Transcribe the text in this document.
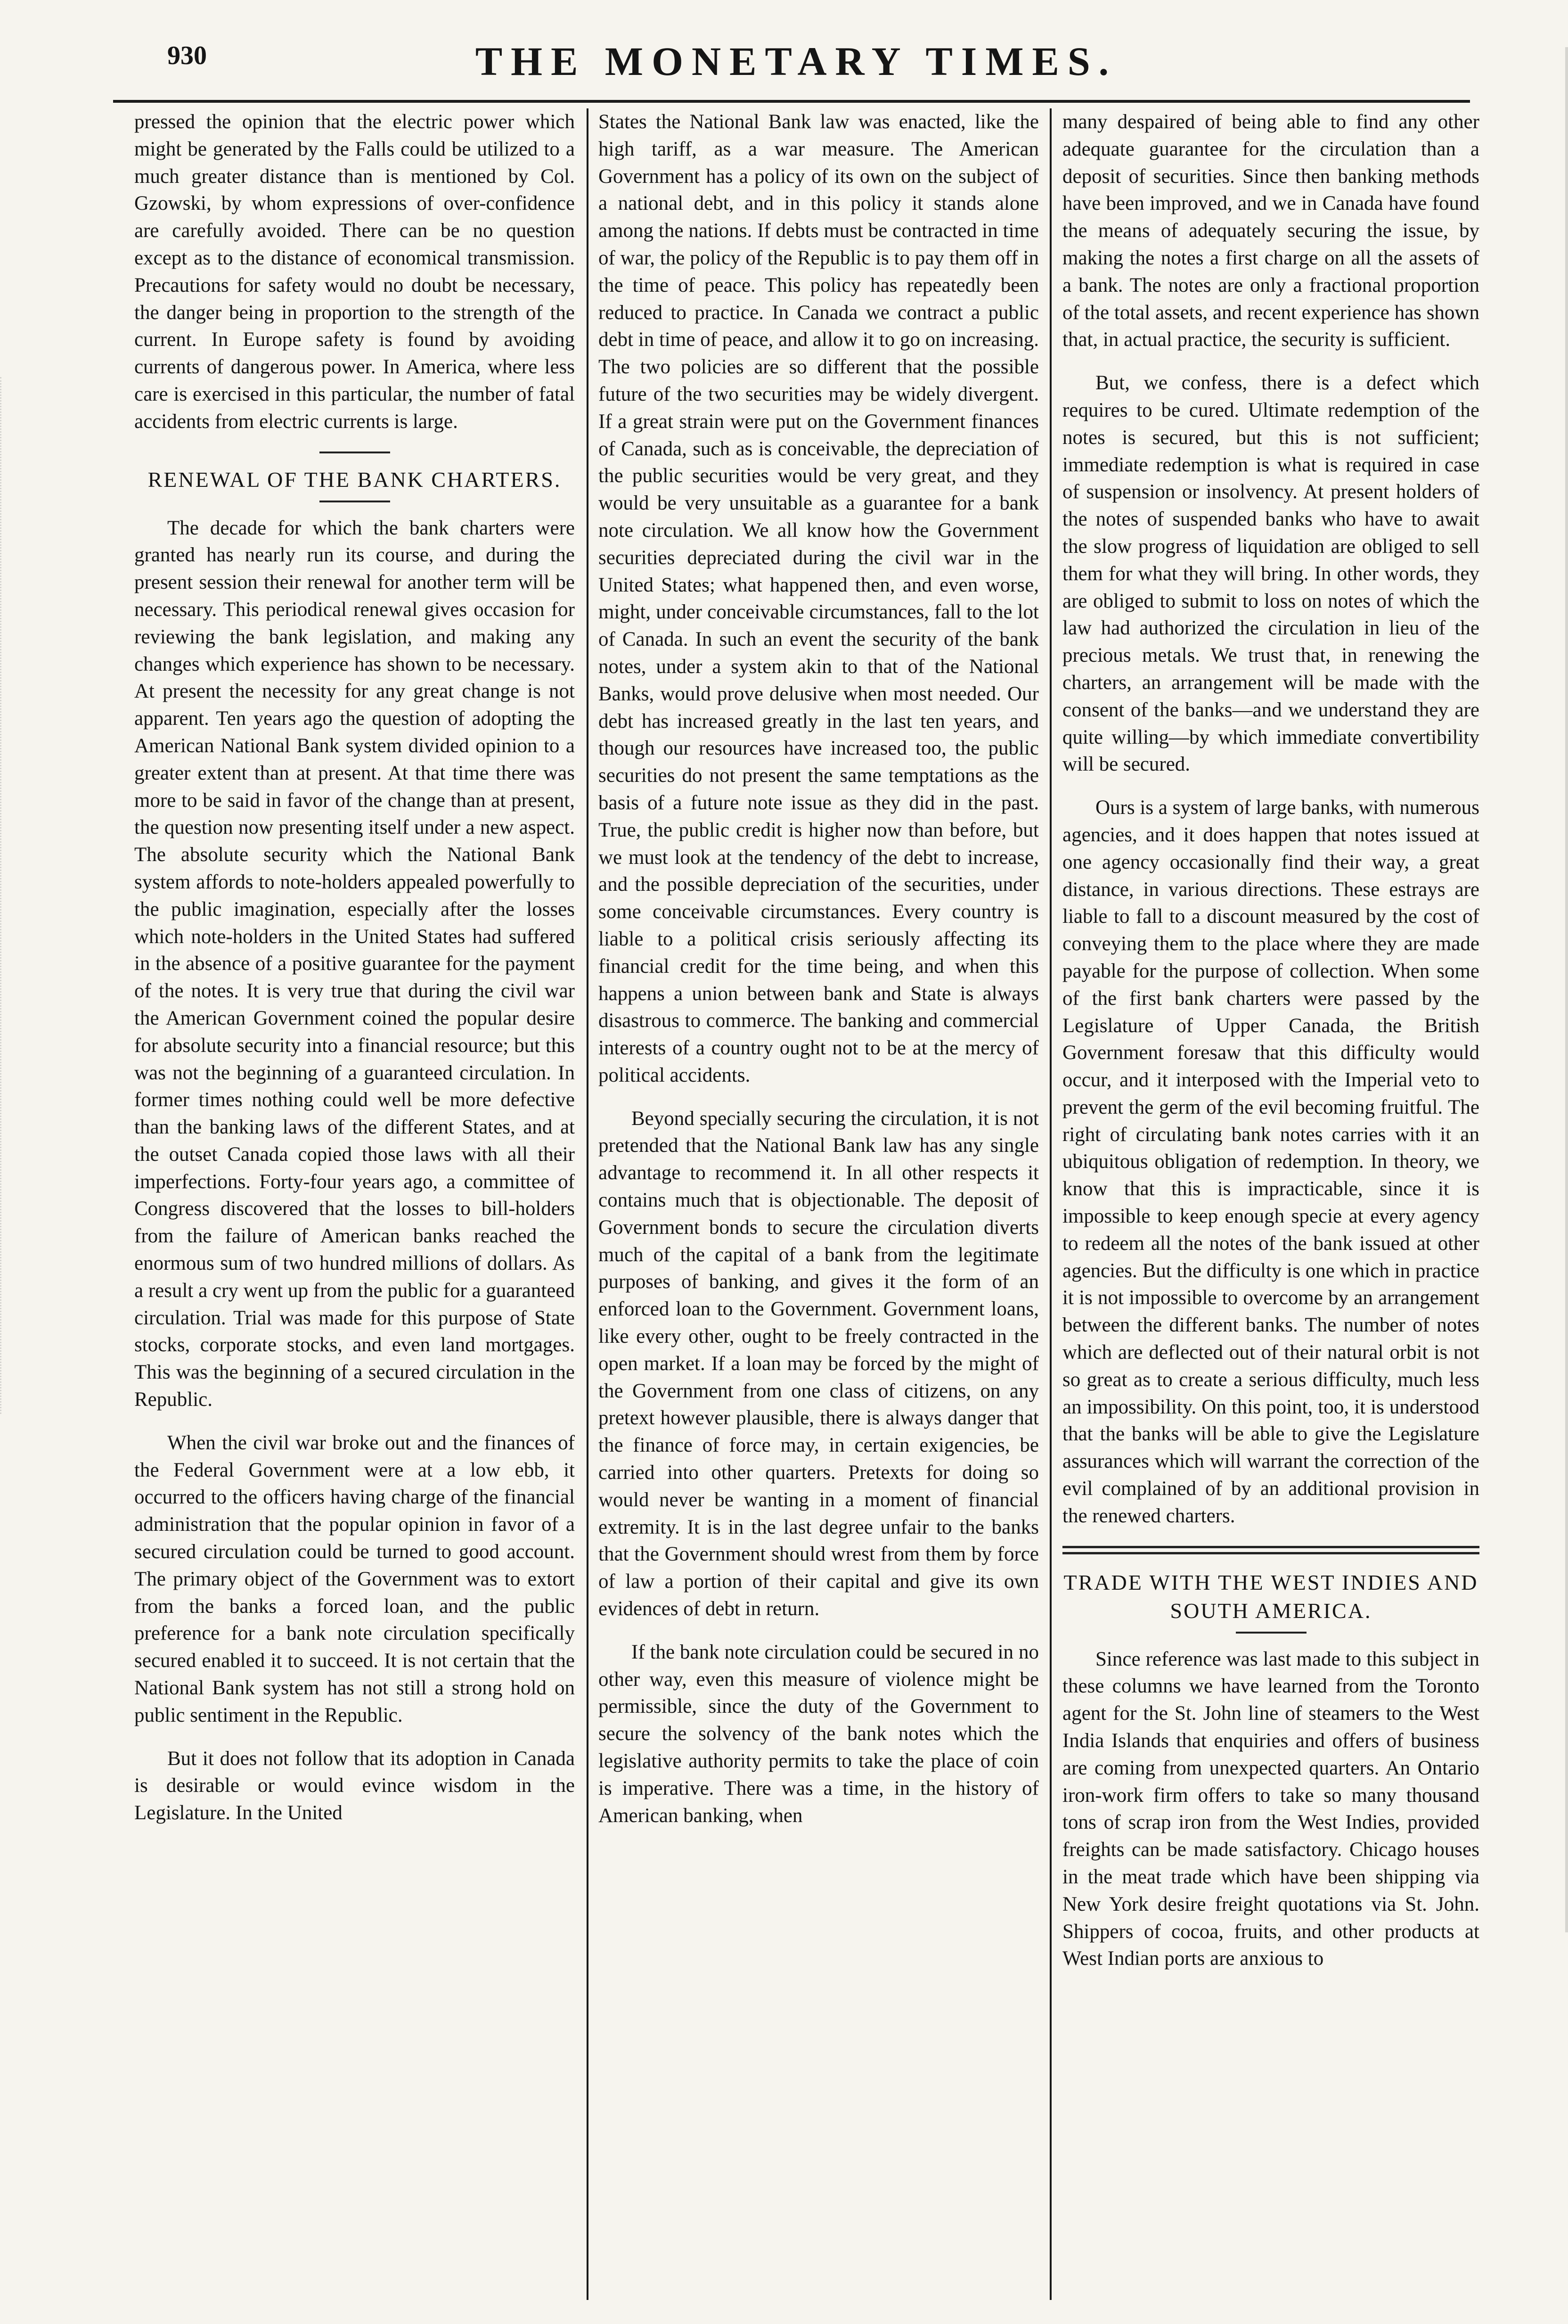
930	THE MONETARY TIMES.

pressed the opinion that the electric power which might be generated by the Falls could be utilized to a much greater distance than is mentioned by Col. Gzowski, by whom expressions of over-confidence are carefully avoided. There can be no question except as to the distance of economical transmission. Precautions for safety would no doubt be necessary, the danger being in proportion to the strength of the current. In Europe safety is found by avoiding currents of dangerous power. In America, where less care is exercised in this particular, the number of fatal accidents from electric currents is large.

RENEWAL OF THE BANK CHARTERS.

The decade for which the bank charters were granted has nearly run its course, and during the present session their renewal for another term will be necessary. This periodical renewal gives occasion for reviewing the bank legislation, and making any changes which experience has shown to be necessary. At present the necessity for any great change is not apparent. Ten years ago the question of adopting the American National Bank system divided opinion to a greater extent than at present. At that time there was more to be said in favor of the change than at present, the question now presenting itself under a new aspect. The absolute security which the National Bank system affords to note-holders appealed powerfully to the public imagination, especially after the losses which note-holders in the United States had suffered in the absence of a positive guarantee for the payment of the notes. It is very true that during the civil war the American Government coined the popular desire for absolute security into a financial resource; but this was not the beginning of a guaranteed circulation. In former times nothing could well be more defective than the banking laws of the different States, and at the outset Canada copied those laws with all their imperfections. Forty-four years ago, a committee of Congress discovered that the losses to bill-holders from the failure of American banks reached the enormous sum of two hundred millions of dollars. As a result a cry went up from the public for a guaranteed circulation. Trial was made for this purpose of State stocks, corporate stocks, and even land mortgages. This was the beginning of a secured circulation in the Republic.

When the civil war broke out and the finances of the Federal Government were at a low ebb, it occurred to the officers having charge of the financial administration that the popular opinion in favor of a secured circulation could be turned to good account. The primary object of the Government was to extort from the banks a forced loan, and the public preference for a bank note circulation specifically secured enabled it to succeed. It is not certain that the National Bank system has not still a strong hold on public sentiment in the Republic.

But it does not follow that its adoption in Canada is desirable or would evince wisdom in the Legislature. In the United

States the National Bank law was enacted, like the high tariff, as a war measure. The American Government has a policy of its own on the subject of a national debt, and in this policy it stands alone among the nations. If debts must be contracted in time of war, the policy of the Republic is to pay them off in the time of peace. This policy has repeatedly been reduced to practice. In Canada we contract a public debt in time of peace, and allow it to go on increasing. The two policies are so different that the possible future of the two securities may be widely divergent. If a great strain were put on the Government finances of Canada, such as is conceivable, the depreciation of the public securities would be very great, and they would be very unsuitable as a guarantee for a bank note circulation. We all know how the Government securities depreciated during the civil war in the United States; what happened then, and even worse, might, under conceivable circumstances, fall to the lot of Canada. In such an event the security of the bank notes, under a system akin to that of the National Banks, would prove delusive when most needed. Our debt has increased greatly in the last ten years, and though our resources have increased too, the public securities do not present the same temptations as the basis of a future note issue as they did in the past. True, the public credit is higher now than before, but we must look at the tendency of the debt to increase, and the possible depreciation of the securities, under some conceivable circumstances. Every country is liable to a political crisis seriously affecting its financial credit for the time being, and when this happens a union between bank and State is always disastrous to commerce. The banking and commercial interests of a country ought not to be at the mercy of political accidents.

Beyond specially securing the circulation, it is not pretended that the National Bank law has any single advantage to recommend it. In all other respects it contains much that is objectionable. The deposit of Government bonds to secure the circulation diverts much of the capital of a bank from the legitimate purposes of banking, and gives it the form of an enforced loan to the Government. Government loans, like every other, ought to be freely contracted in the open market. If a loan may be forced by the might of the Government from one class of citizens, on any pretext however plausible, there is always danger that the finance of force may, in certain exigencies, be carried into other quarters. Pretexts for doing so would never be wanting in a moment of financial extremity. It is in the last degree unfair to the banks that the Government should wrest from them by force of law a portion of their capital and give its own evidences of debt in return.

If the bank note circulation could be secured in no other way, even this measure of violence might be permissible, since the duty of the Government to secure the solvency of the bank notes which the legislative authority permits to take the place of coin is imperative. There was a time, in the history of American banking, when

many despaired of being able to find any other adequate guarantee for the circulation than a deposit of securities. Since then banking methods have been improved, and we in Canada have found the means of adequately securing the issue, by making the notes a first charge on all the assets of a bank. The notes are only a fractional proportion of the total assets, and recent experience has shown that, in actual practice, the security is sufficient.

But, we confess, there is a defect which requires to be cured. Ultimate redemption of the notes is secured, but this is not sufficient; immediate redemption is what is required in case of suspension or insolvency. At present holders of the notes of suspended banks who have to await the slow progress of liquidation are obliged to sell them for what they will bring. In other words, they are obliged to submit to loss on notes of which the law had authorized the circulation in lieu of the precious metals. We trust that, in renewing the charters, an arrangement will be made with the consent of the banks—and we understand they are quite willing—by which immediate convertibility will be secured.

Ours is a system of large banks, with numerous agencies, and it does happen that notes issued at one agency occasionally find their way, a great distance, in various directions. These estrays are liable to fall to a discount measured by the cost of conveying them to the place where they are made payable for the purpose of collection. When some of the first bank charters were passed by the Legislature of Upper Canada, the British Government foresaw that this difficulty would occur, and it interposed with the Imperial veto to prevent the germ of the evil becoming fruitful. The right of circulating bank notes carries with it an ubiquitous obligation of redemption. In theory, we know that this is impracticable, since it is impossible to keep enough specie at every agency to redeem all the notes of the bank issued at other agencies. But the difficulty is one which in practice it is not impossible to overcome by an arrangement between the different banks. The number of notes which are deflected out of their natural orbit is not so great as to create a serious difficulty, much less an impossibility. On this point, too, it is understood that the banks will be able to give the Legislature assurances which will warrant the correction of the evil complained of by an additional provision in the renewed charters.

TRADE WITH THE WEST INDIES AND SOUTH AMERICA.

Since reference was last made to this subject in these columns we have learned from the Toronto agent for the St. John line of steamers to the West India Islands that enquiries and offers of business are coming from unexpected quarters. An Ontario iron-work firm offers to take so many thousand tons of scrap iron from the West Indies, provided freights can be made satisfactory. Chicago houses in the meat trade which have been shipping via New York desire freight quotations via St. John. Shippers of cocoa, fruits, and other products at West Indian ports are anxious to
